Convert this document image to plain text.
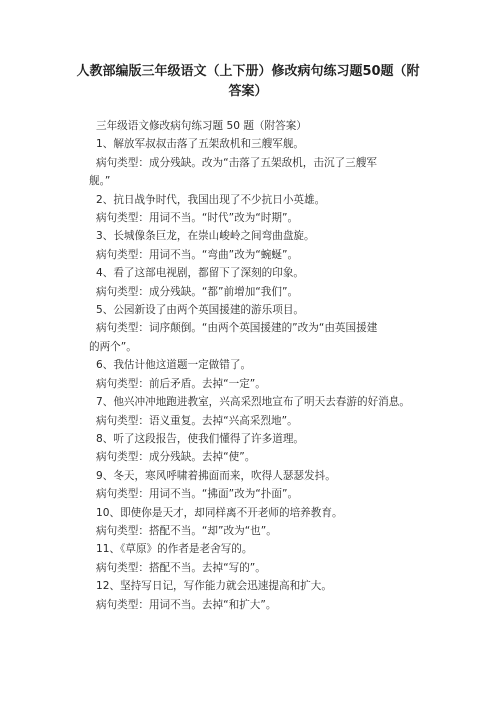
人教部编版三年级语文（上下册）修改病句练习题50题（附
答案）
三年级语文修改病句练习题 50 题（附答案）
1、解放军叔叔击落了五架敌机和三艘军舰。
病句类型：成分残缺。改为“击落了五架敌机，击沉了三艘军
舰。”
2、抗日战争时代，我国出现了不少抗日小英雄。
病句类型：用词不当。“时代”改为“时期”。
3、长城像条巨龙，在崇山峻岭之间弯曲盘旋。
病句类型：用词不当。“弯曲”改为“蜿蜒”。
4、看了这部电视剧，都留下了深刻的印象。
病句类型：成分残缺。“都”前增加“我们”。
5、公园新设了由两个英国援建的游乐项目。
病句类型：词序颠倒。“由两个英国援建的”改为“由英国援建
的两个”。
6、我估计他这道题一定做错了。
病句类型：前后矛盾。去掉“一定”。
7、他兴冲冲地跑进教室，兴高采烈地宣布了明天去春游的好消息。
病句类型：语义重复。去掉“兴高采烈地”。
8、听了这段报告，使我们懂得了许多道理。
病句类型：成分残缺。去掉“使”。
9、冬天，寒风呼啸着拂面而来，吹得人瑟瑟发抖。
病句类型：用词不当。“拂面”改为“扑面”。
10、即使你是天才，却同样离不开老师的培养教育。
病句类型：搭配不当。“却”改为“也”。
11、《草原》的作者是老舍写的。
病句类型：搭配不当。去掉“写的”。
12、坚持写日记，写作能力就会迅速提高和扩大。
病句类型：用词不当。去掉“和扩大”。
